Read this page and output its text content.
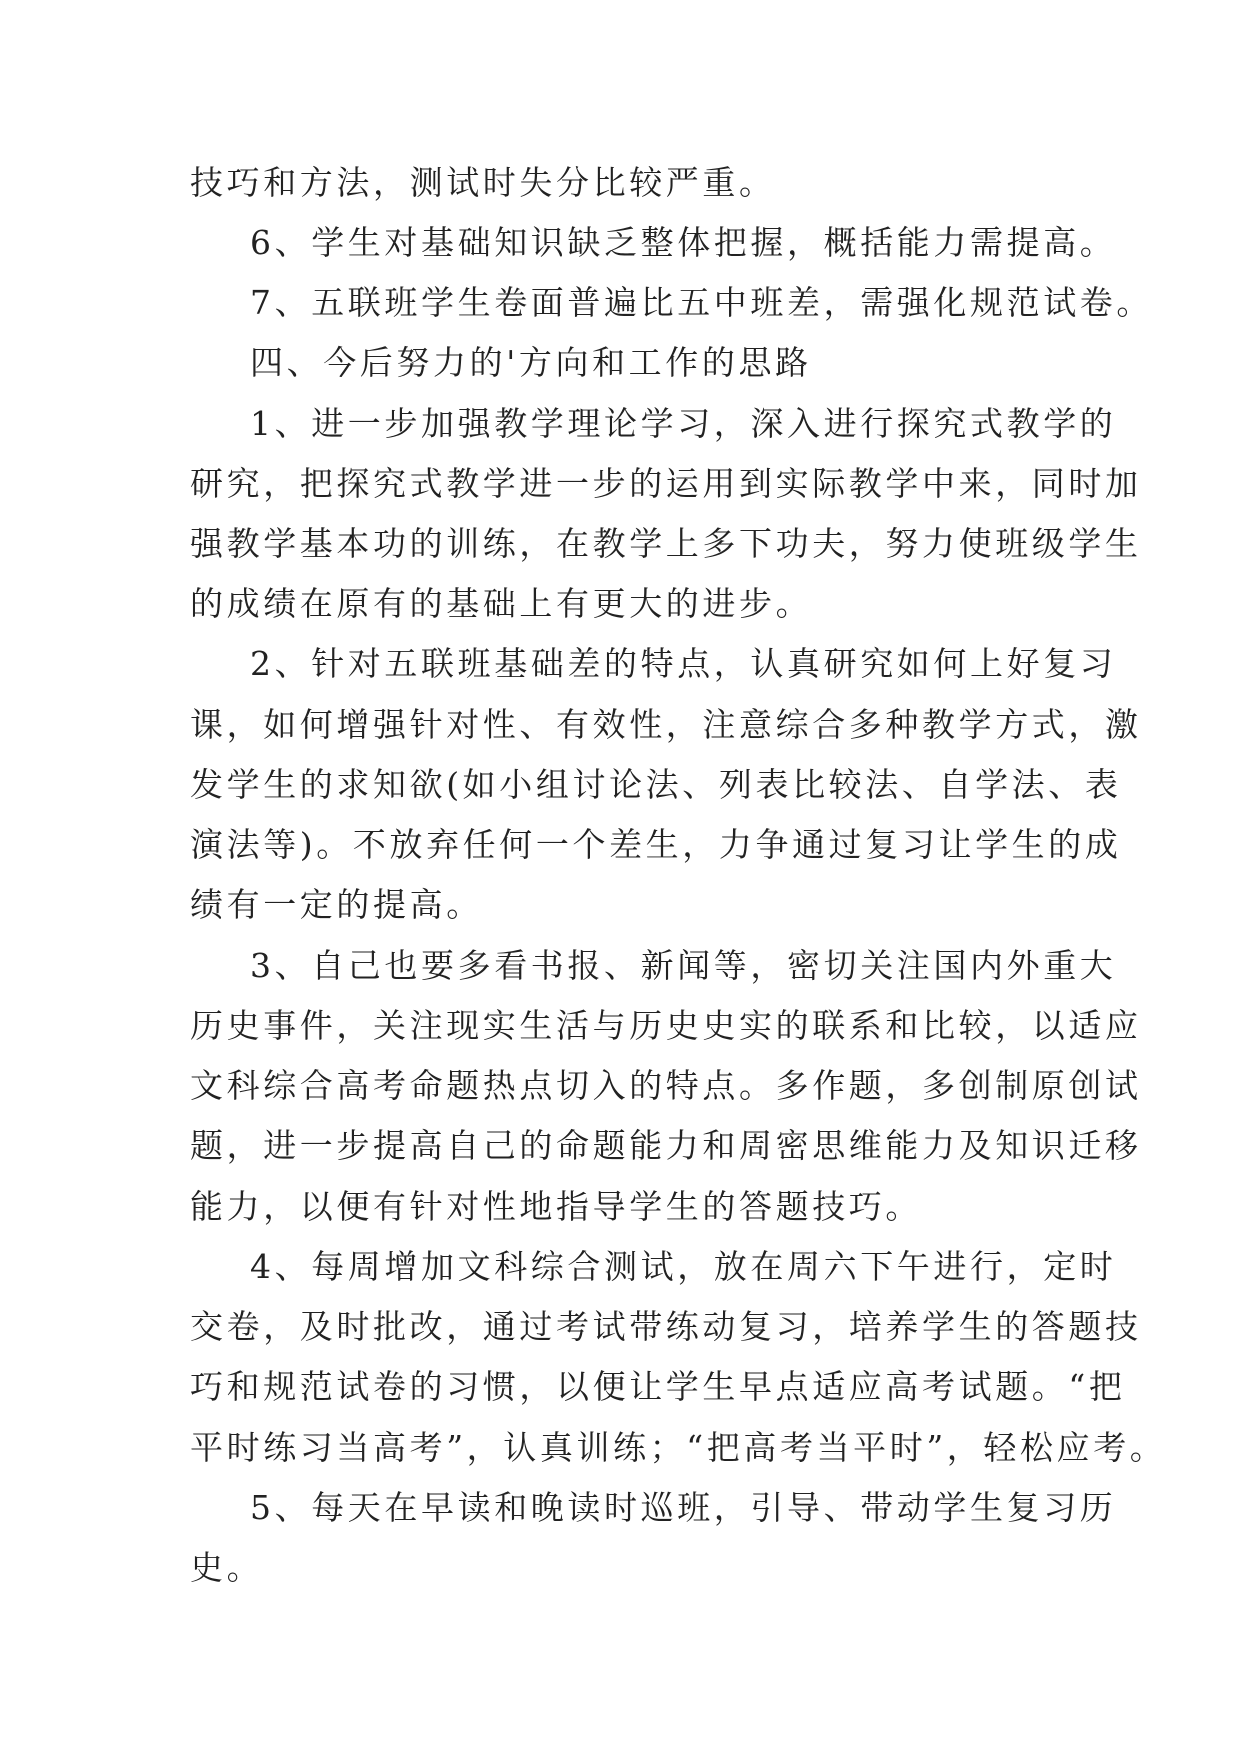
技巧和方法，测试时失分比较严重。
6、学生对基础知识缺乏整体把握，概括能力需提高。
7、五联班学生卷面普遍比五中班差，需强化规范试卷。
四、今后努力的'方向和工作的思路
1、进一步加强教学理论学习，深入进行探究式教学的
研究，把探究式教学进一步的运用到实际教学中来，同时加
强教学基本功的训练，在教学上多下功夫，努力使班级学生
的成绩在原有的基础上有更大的进步。
2、针对五联班基础差的特点，认真研究如何上好复习
课，如何增强针对性、有效性，注意综合多种教学方式，激
发学生的求知欲(如小组讨论法、列表比较法、自学法、表
演法等)。不放弃任何一个差生，力争通过复习让学生的成
绩有一定的提高。
3、自己也要多看书报、新闻等，密切关注国内外重大
历史事件，关注现实生活与历史史实的联系和比较，以适应
文科综合高考命题热点切入的特点。多作题，多创制原创试
题，进一步提高自己的命题能力和周密思维能力及知识迁移
能力，以便有针对性地指导学生的答题技巧。
4、每周增加文科综合测试，放在周六下午进行，定时
交卷，及时批改，通过考试带练动复习，培养学生的答题技
巧和规范试卷的习惯，以便让学生早点适应高考试题。“把
平时练习当高考”，认真训练；“把高考当平时”，轻松应考。
5、每天在早读和晚读时巡班，引导、带动学生复习历
史。
